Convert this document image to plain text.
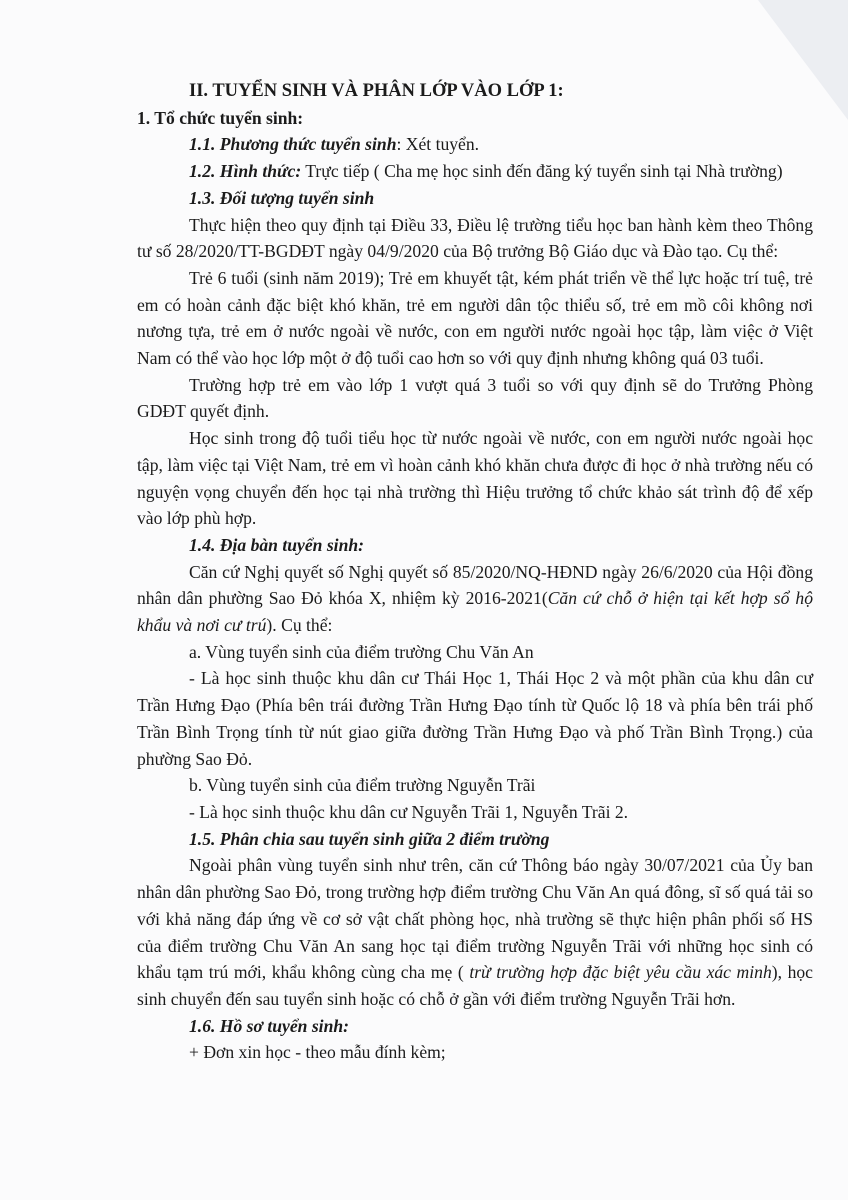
II. TUYỂN SINH VÀ PHÂN LỚP VÀO LỚP 1:

1. Tổ chức tuyển sinh:

1.1. Phương thức tuyển sinh: Xét tuyển.

1.2. Hình thức: Trực tiếp ( Cha mẹ học sinh đến đăng ký tuyển sinh tại Nhà trường)

1.3. Đối tượng tuyển sinh

Thực hiện theo quy định tại Điều 33, Điều lệ trường tiểu học ban hành kèm theo Thông tư số 28/2020/TT-BGDĐT ngày 04/9/2020 của Bộ trưởng Bộ Giáo dục và Đào tạo. Cụ thể:

Trẻ 6 tuổi (sinh năm 2019); Trẻ em khuyết tật, kém phát triển về thể lực hoặc trí tuệ, trẻ em có hoàn cảnh đặc biệt khó khăn, trẻ em người dân tộc thiểu số, trẻ em mồ côi không nơi nương tựa, trẻ em ở nước ngoài về nước, con em người nước ngoài học tập, làm việc ở Việt Nam có thể vào học lớp một ở độ tuổi cao hơn so với quy định nhưng không quá 03 tuổi.

Trường hợp trẻ em vào lớp 1 vượt quá 3 tuổi so với quy định sẽ do Trưởng Phòng GDĐT quyết định.

Học sinh trong độ tuổi tiểu học từ nước ngoài về nước, con em người nước ngoài học tập, làm việc tại Việt Nam, trẻ em vì hoàn cảnh khó khăn chưa được đi học ở nhà trường nếu có nguyện vọng chuyển đến học tại nhà trường thì Hiệu trưởng tổ chức khảo sát trình độ để xếp vào lớp phù hợp.

1.4. Địa bàn tuyển sinh:

Căn cứ Nghị quyết số Nghị quyết số 85/2020/NQ-HĐND ngày 26/6/2020 của Hội đồng nhân dân phường Sao Đỏ khóa X, nhiệm kỳ 2016-2021(Căn cứ chỗ ở hiện tại kết hợp sổ hộ khẩu và nơi cư trú). Cụ thể:

a. Vùng tuyển sinh của điểm trường Chu Văn An

- Là học sinh thuộc khu dân cư Thái Học 1, Thái Học 2 và một phần của khu dân cư Trần Hưng Đạo (Phía bên trái đường Trần Hưng Đạo tính từ Quốc lộ 18 và phía bên trái phố Trần Bình Trọng tính từ nút giao giữa đường Trần Hưng Đạo và phố Trần Bình Trọng.) của phường Sao Đỏ.

b. Vùng tuyển sinh của điểm trường Nguyễn Trãi

- Là học sinh thuộc khu dân cư Nguyễn Trãi 1, Nguyễn Trãi 2.

1.5. Phân chia sau tuyển sinh giữa 2 điểm trường

Ngoài phân vùng tuyển sinh như trên, căn cứ Thông báo ngày 30/07/2021 của Ủy ban nhân dân phường Sao Đỏ, trong trường hợp điểm trường Chu Văn An quá đông, sĩ số quá tải so với khả năng đáp ứng về cơ sở vật chất phòng học, nhà trường sẽ thực hiện phân phối số HS của điểm trường Chu Văn An sang học tại điểm trường Nguyễn Trãi với những học sinh có khẩu tạm trú mới, khẩu không cùng cha mẹ ( trừ trường hợp đặc biệt yêu cầu xác minh), học sinh chuyển đến sau tuyển sinh hoặc có chỗ ở gần với điểm trường Nguyễn Trãi hơn.

1.6. Hồ sơ tuyển sinh:

+ Đơn xin học - theo mẫu đính kèm;
